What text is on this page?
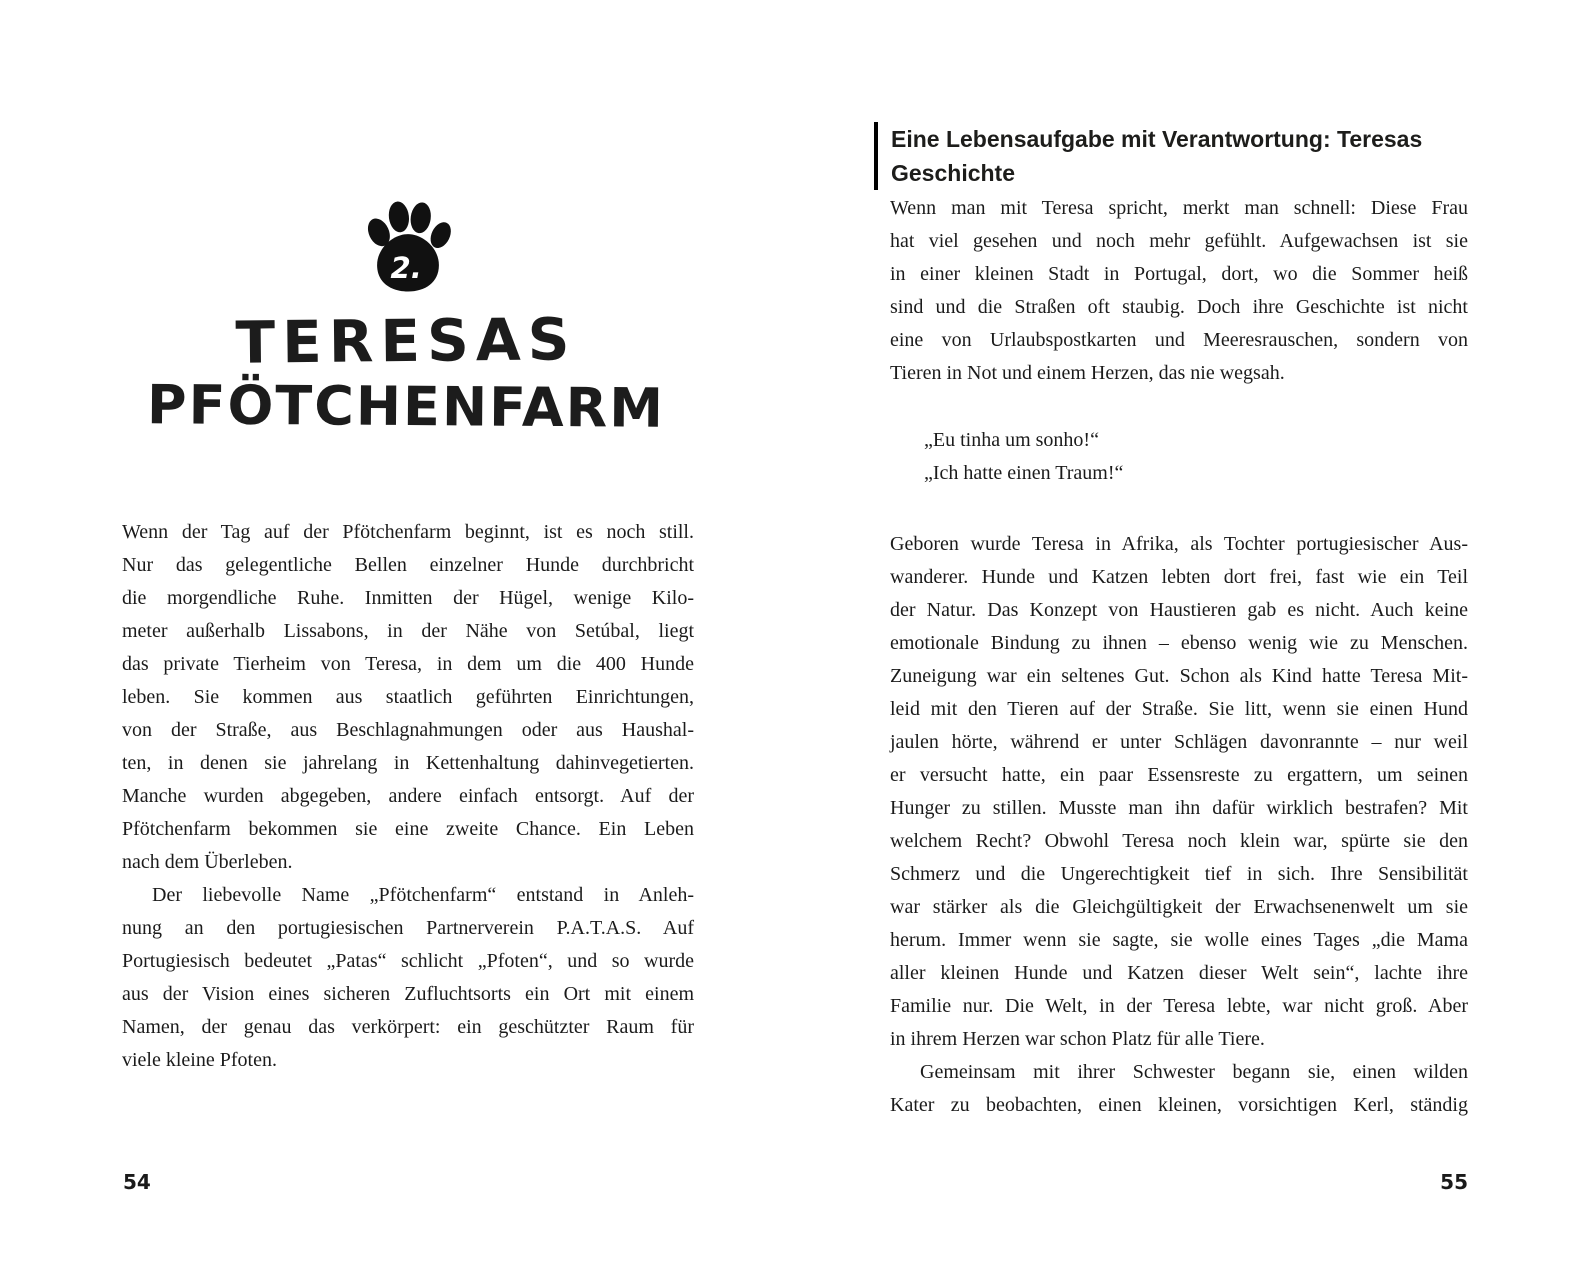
2.
TERESAS
PFÖTCHENFARM
Wenn der Tag auf der Pfötchenfarm beginnt, ist es noch still.
Nur das gelegentliche Bellen einzelner Hunde durchbricht
die morgendliche Ruhe. Inmitten der Hügel, wenige Kilo-
meter außerhalb Lissabons, in der Nähe von Setúbal, liegt
das private Tierheim von Teresa, in dem um die 400 Hunde
leben. Sie kommen aus staatlich geführten Einrichtungen,
von der Straße, aus Beschlagnahmungen oder aus Haushal-
ten, in denen sie jahrelang in Kettenhaltung dahinvegetierten.
Manche wurden abgegeben, andere einfach entsorgt. Auf der
Pfötchenfarm bekommen sie eine zweite Chance. Ein Leben
nach dem Überleben.
Der liebevolle Name „Pfötchenfarm“ entstand in Anleh-
nung an den portugiesischen Partnerverein P.A.T.A.S. Auf
Portugiesisch bedeutet „Patas“ schlicht „Pfoten“, und so wurde
aus der Vision eines sicheren Zufluchtsorts ein Ort mit einem
Namen, der genau das verkörpert: ein geschützter Raum für
viele kleine Pfoten.
54
Eine Lebensaufgabe mit Verantwortung: Teresas Geschichte
Wenn man mit Teresa spricht, merkt man schnell: Diese Frau
hat viel gesehen und noch mehr gefühlt. Aufgewachsen ist sie
in einer kleinen Stadt in Portugal, dort, wo die Sommer heiß
sind und die Straßen oft staubig. Doch ihre Geschichte ist nicht
eine von Urlaubspostkarten und Meeresrauschen, sondern von
Tieren in Not und einem Herzen, das nie wegsah.
„Eu tinha um sonho!“
„Ich hatte einen Traum!“
Geboren wurde Teresa in Afrika, als Tochter portugiesischer Aus-
wanderer. Hunde und Katzen lebten dort frei, fast wie ein Teil
der Natur. Das Konzept von Haustieren gab es nicht. Auch keine
emotionale Bindung zu ihnen – ebenso wenig wie zu Menschen.
Zuneigung war ein seltenes Gut. Schon als Kind hatte Teresa Mit-
leid mit den Tieren auf der Straße. Sie litt, wenn sie einen Hund
jaulen hörte, während er unter Schlägen davonrannte – nur weil
er versucht hatte, ein paar Essensreste zu ergattern, um seinen
Hunger zu stillen. Musste man ihn dafür wirklich bestrafen? Mit
welchem Recht? Obwohl Teresa noch klein war, spürte sie den
Schmerz und die Ungerechtigkeit tief in sich. Ihre Sensibilität
war stärker als die Gleichgültigkeit der Erwachsenenwelt um sie
herum. Immer wenn sie sagte, sie wolle eines Tages „die Mama
aller kleinen Hunde und Katzen dieser Welt sein“, lachte ihre
Familie nur. Die Welt, in der Teresa lebte, war nicht groß. Aber
in ihrem Herzen war schon Platz für alle Tiere.
Gemeinsam mit ihrer Schwester begann sie, einen wilden
Kater zu beobachten, einen kleinen, vorsichtigen Kerl, ständig
55
